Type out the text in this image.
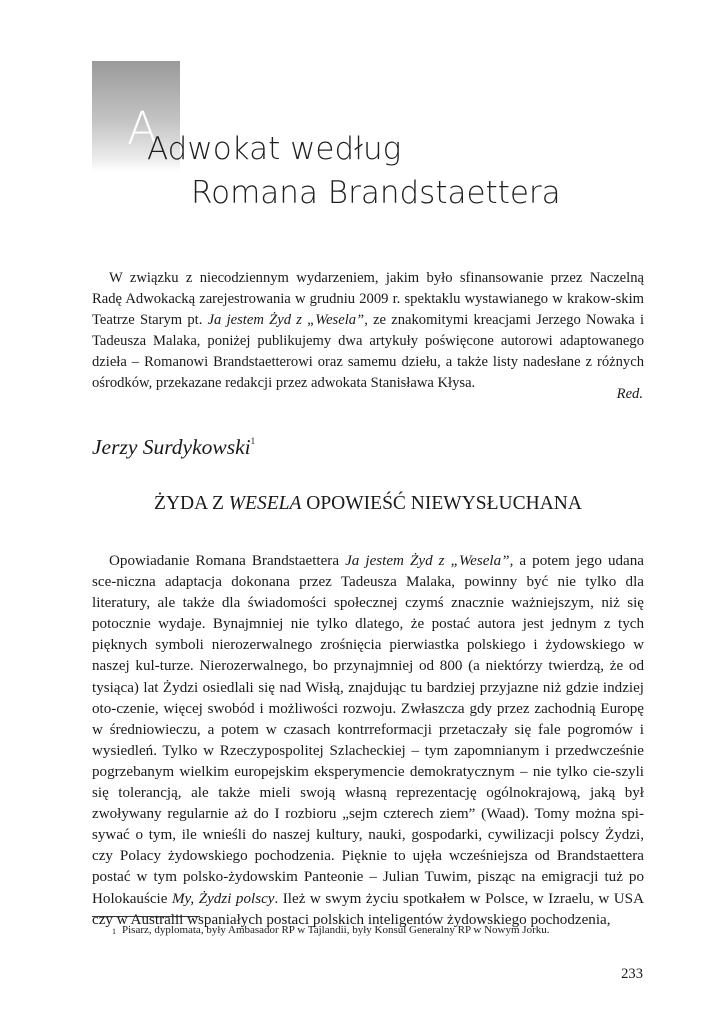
A
Adwokat według
Romana Brandstaettera

W związku z niecodziennym wydarzeniem, jakim było sfinansowanie przez Naczelną Radę Adwokacką zarejestrowania w grudniu 2009 r. spektaklu wystawianego w krakow-skim Teatrze Starym pt. Ja jestem Żyd z „Wesela”, ze znakomitymi kreacjami Jerzego Nowaka i Tadeusza Malaka, poniżej publikujemy dwa artykuły poświęcone autorowi adaptowanego dzieła – Romanowi Brandstaetterowi oraz samemu dziełu, a także listy nadesłane z różnych ośrodków, przekazane redakcji przez adwokata Stanisława Kłysa.

Red.
Jerzy Surdykowski$^1$
ŻYDA Z WESELA OPOWIEŚĆ NIEWYSŁUCHANA

Opowiadanie Romana Brandstaettera Ja jestem Żyd z „Wesela”, a potem jego udana sce-niczna adaptacja dokonana przez Tadeusza Malaka, powinny być nie tylko dla literatury, ale także dla świadomości społecznej czymś znacznie ważniejszym, niż się potocznie wydaje. Bynajmniej nie tylko dlatego, że postać autora jest jednym z tych pięknych symboli nierozerwalnego zrośnięcia pierwiastka polskiego i żydowskiego w naszej kul-turze. Nierozerwalnego, bo przynajmniej od 800 (a niektórzy twierdzą, że od tysiąca) lat Żydzi osiedlali się nad Wisłą, znajdując tu bardziej przyjazne niż gdzie indziej oto-czenie, więcej swobód i możliwości rozwoju. Zwłaszcza gdy przez zachodnią Europę w średniowieczu, a potem w czasach kontrreformacji przetaczały się fale pogromów i wysiedleń. Tylko w Rzeczypospolitej Szlacheckiej – tym zapomnianym i przedwcześnie pogrzebanym wielkim europejskim eksperymencie demokratycznym – nie tylko cie-szyli się tolerancją, ale także mieli swoją własną reprezentację ogólnokrajową, jaką był zwoływany regularnie aż do I rozbioru „sejm czterech ziem” (Waad). Tomy można spi-sywać o tym, ile wnieśli do naszej kultury, nauki, gospodarki, cywilizacji polscy Żydzi, czy Polacy żydowskiego pochodzenia. Pięknie to ujęła wcześniejsza od Brandstaettera postać w tym polsko-żydowskim Panteonie – Julian Tuwim, pisząc na emigracji tuż po Holokauście My, Żydzi polscy. Ileż w swym życiu spotkałem w Polsce, w Izraelu, w USA czy w Australii wspaniałych postaci polskich inteligentów żydowskiego pochodzenia,

1 Pisarz, dyplomata, były Ambasador RP w Tajlandii, były Konsul Generalny RP w Nowym Jorku.
233
